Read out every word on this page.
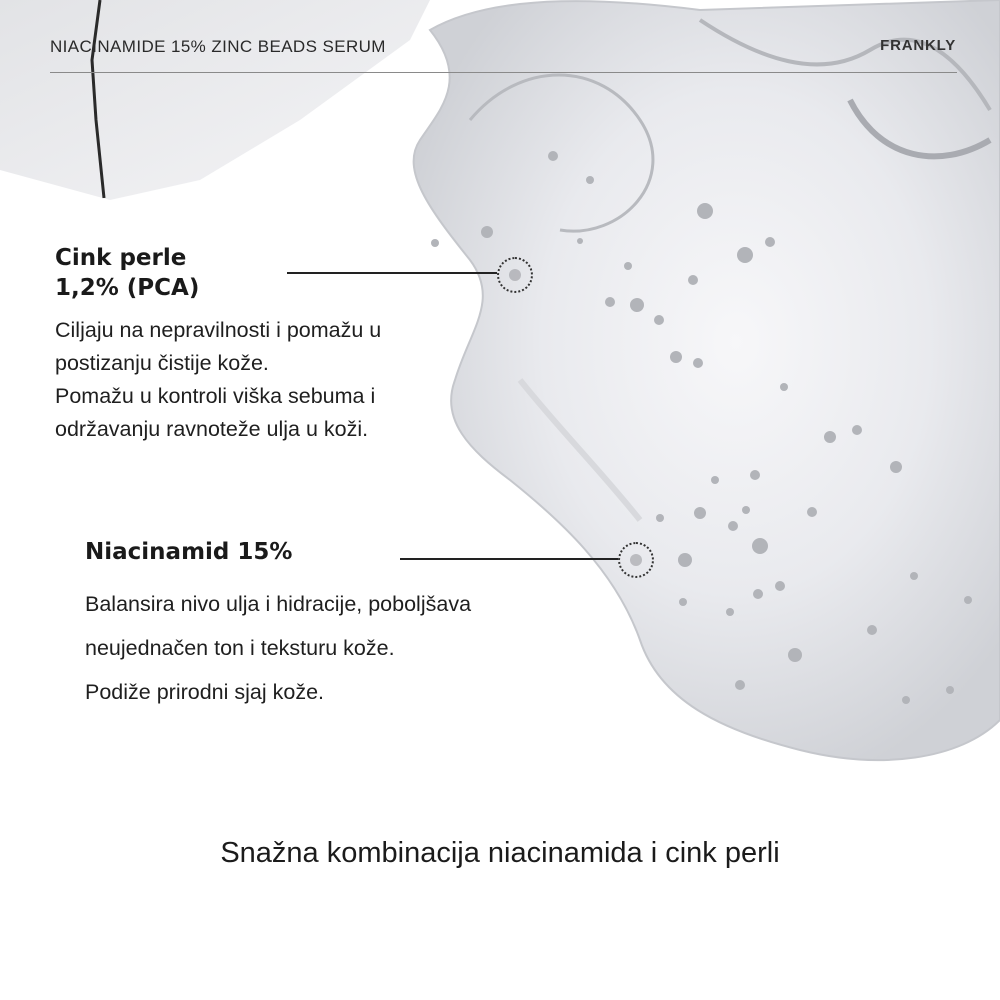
NIACINAMIDE 15% ZINC BEADS SERUM	FRANKLY
Cink perle
1,2% (PCA)
Ciljaju na nepravilnosti i pomažu u
postizanju čistije kože.
Pomažu u kontroli viška sebuma i
održavanju ravnoteže ulja u koži.
Niacinamid 15%
Balansira nivo ulja i hidracije, poboljšava
neujednačen ton i teksturu kože.
Podiže prirodni sjaj kože.
Snažna kombinacija niacinamida i cink perli
